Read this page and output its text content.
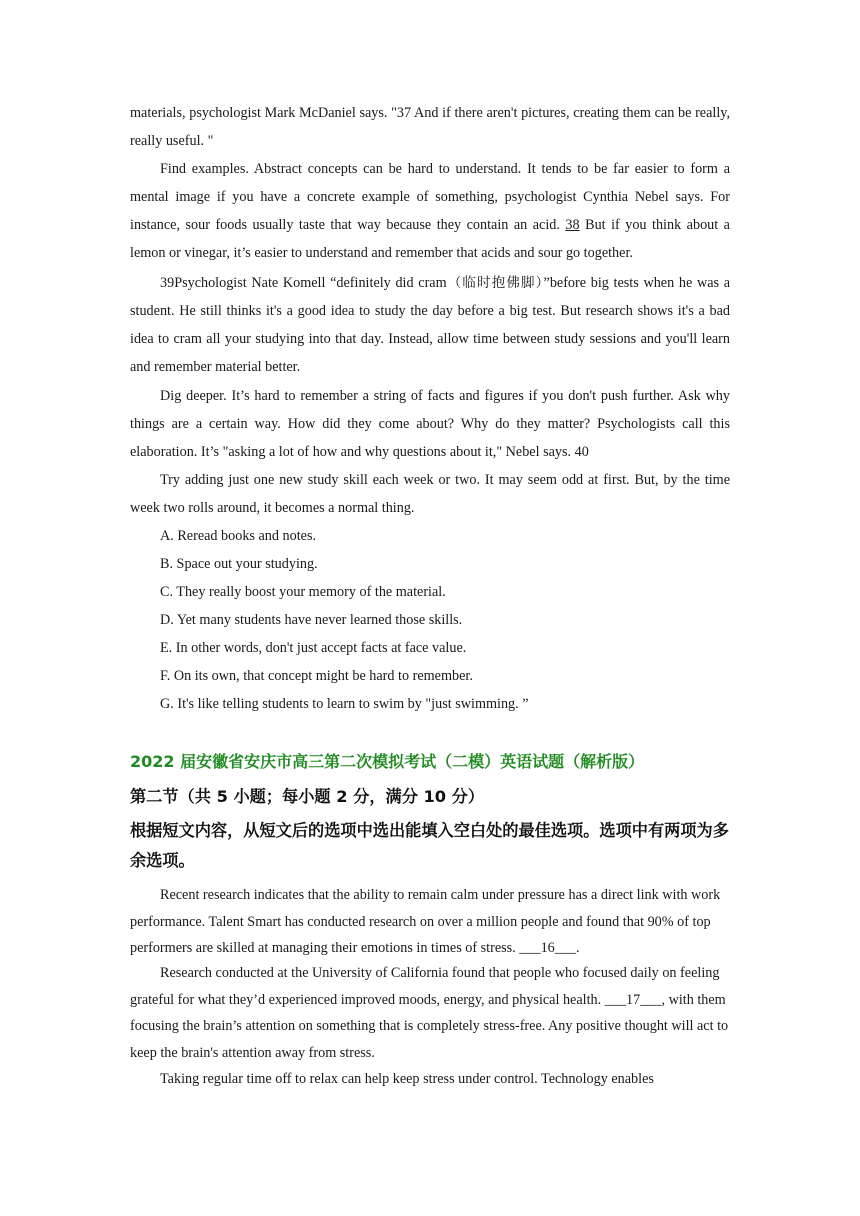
materials, psychologist Mark McDaniel says. "37 And if there aren't pictures, creating them can be really, really useful. "

Find examples. Abstract concepts can be hard to understand. It tends to be far easier to form a mental image if you have a concrete example of something, psychologist Cynthia Nebel says. For instance, sour foods usually taste that way because they contain an acid. 38 But if you think about a lemon or vinegar, it’s easier to understand and remember that acids and sour go together.

39Psychologist Nate Komell “definitely did cram（临时抱佛脚）”before big tests when he was a student. He still thinks it's a good idea to study the day before a big test. But research shows it's a bad idea to cram all your studying into that day. Instead, allow time between study sessions and you'll learn and remember material better.

Dig deeper. It’s hard to remember a string of facts and figures if you don't push further. Ask why things are a certain way. How did they come about? Why do they matter? Psychologists call this elaboration. It’s "asking a lot of how and why questions about it," Nebel says. 40

Try adding just one new study skill each week or two. It may seem odd at first. But, by the time week two rolls around, it becomes a normal thing.

A. Reread books and notes.

B. Space out your studying.

C. They really boost your memory of the material.

D. Yet many students have never learned those skills.

E. In other words, don't just accept facts at face value.

F. On its own, that concept might be hard to remember.

G. It's like telling students to learn to swim by "just swimming. ”

2022 届安徽省安庆市高三第二次模拟考试（二模）英语试题（解析版）

第二节（共 5 小题；每小题 2 分，满分 10 分）

根据短文内容，从短文后的选项中选出能填入空白处的最佳选项。选项中有两项为多余选项。

Recent research indicates that the ability to remain calm under pressure has a direct link with work performance. Talent Smart has conducted research on over a million people and found that 90% of top performers are skilled at managing their emotions in times of stress. ___16___.

Research conducted at the University of California found that people who focused daily on feeling grateful for what they’d experienced improved moods, energy, and physical health. ___17___, with them focusing the brain’s attention on something that is completely stress-free. Any positive thought will act to keep the brain's attention away from stress.

Taking regular time off to relax can help keep stress under control. Technology enables
